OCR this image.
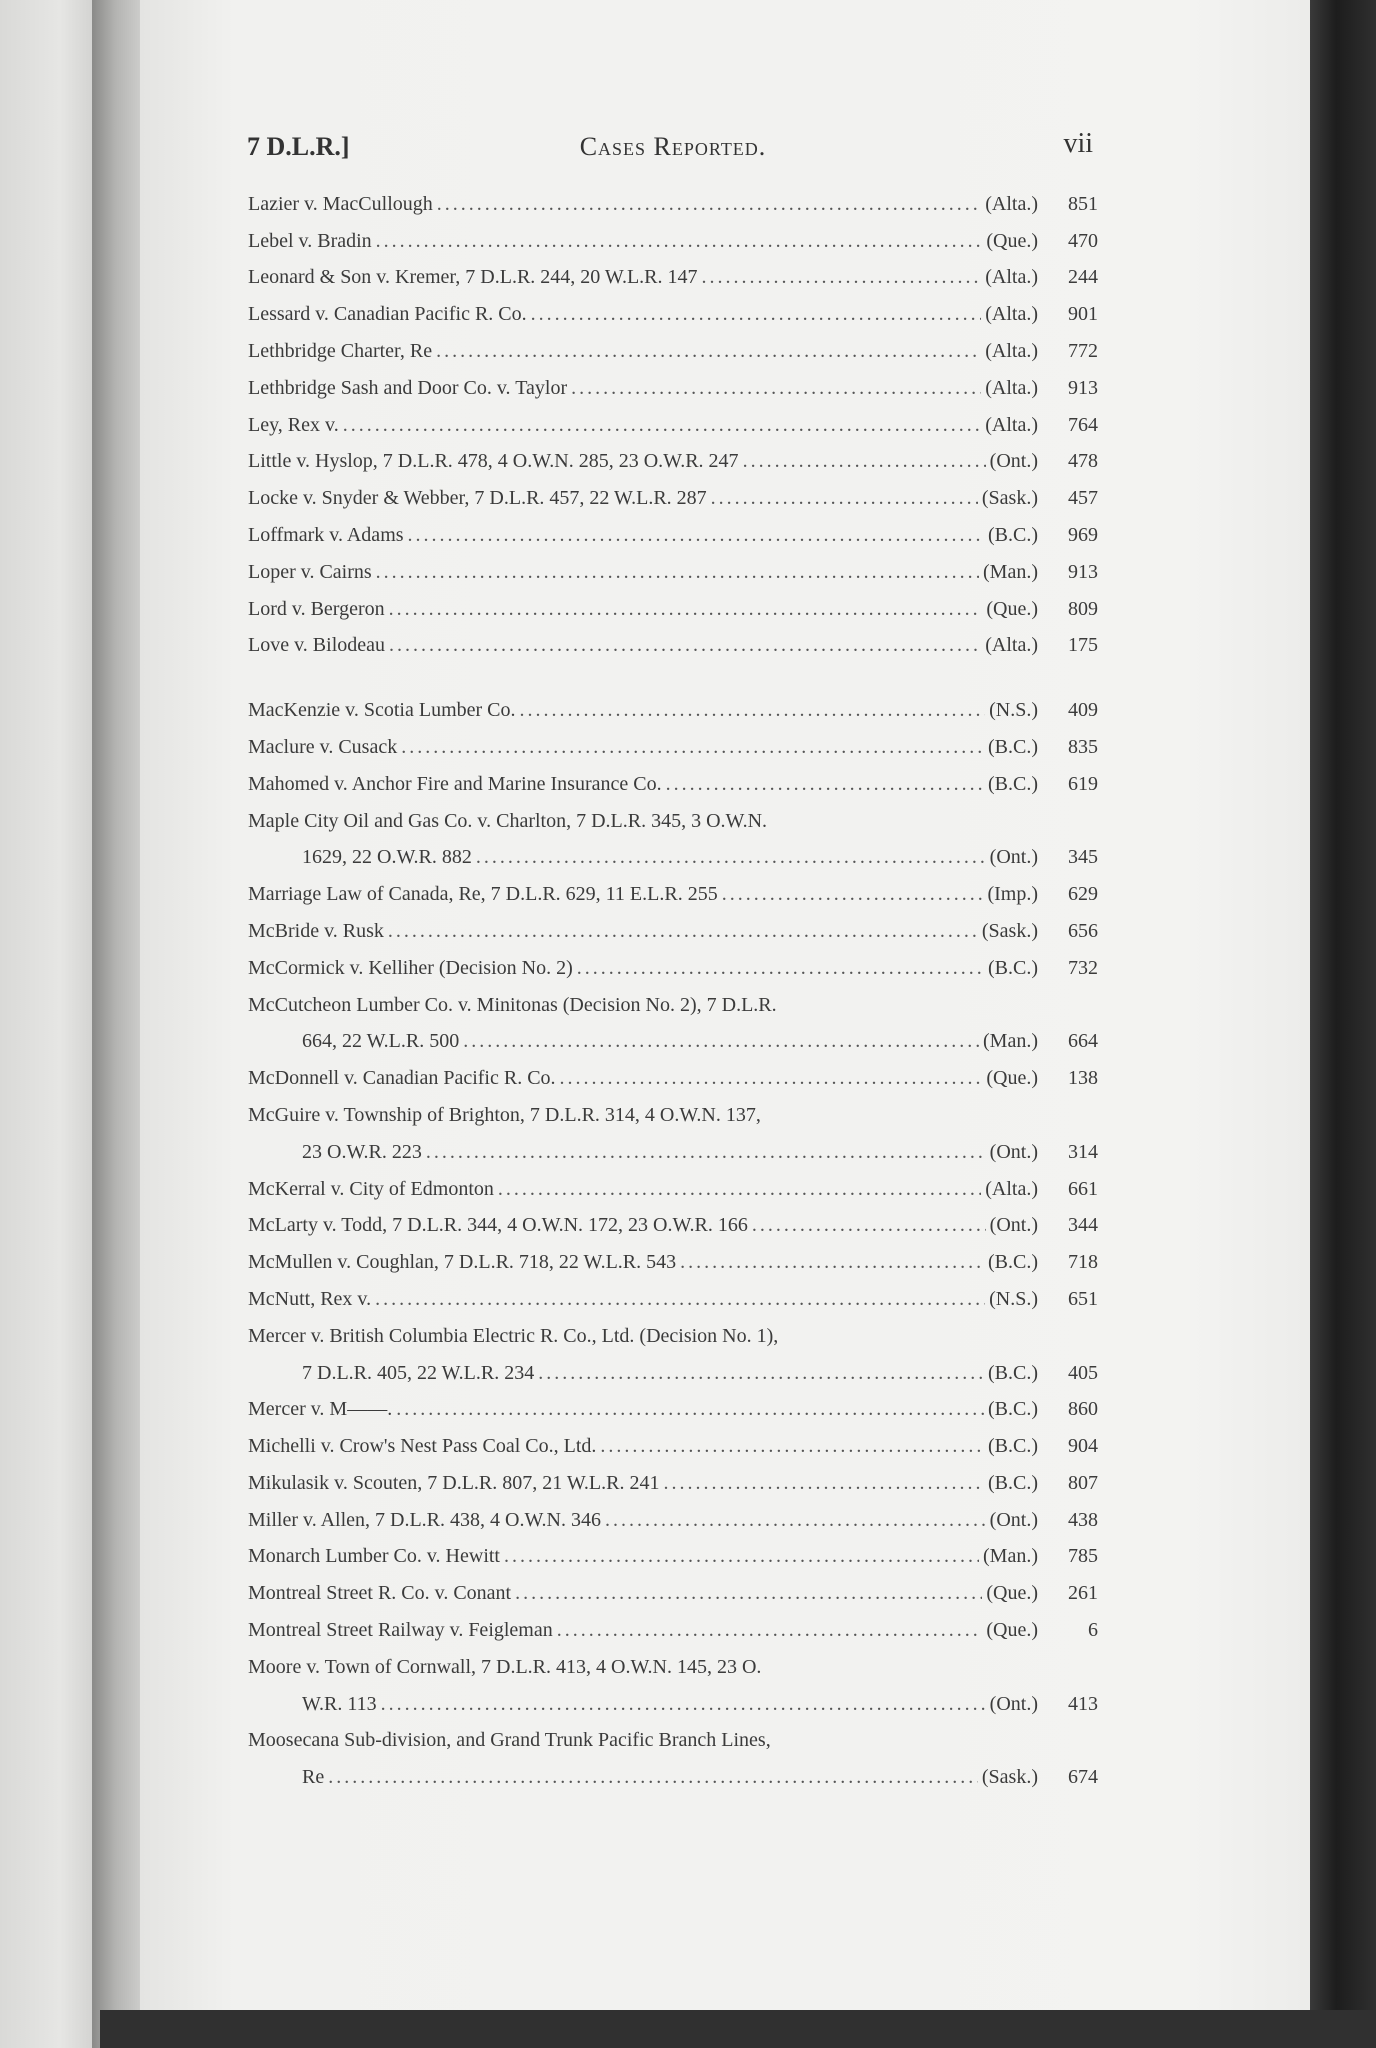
7 D.L.R.]	Cases Reported.	vii
Lazier v. MacCullough . . .	(Alta.)	851
Lebel v. Bradin . . .	(Que.)	470
Leonard & Son v. Kremer, 7 D.L.R. 244, 20 W.L.R. 147 . . .	(Alta.)	244
Lessard v. Canadian Pacific R. Co. . . .	(Alta.)	901
Lethbridge Charter, Re . . .	(Alta.)	772
Lethbridge Sash and Door Co. v. Taylor . . .	(Alta.)	913
Ley, Rex v. . . .	(Alta.)	764
Little v. Hyslop, 7 D.L.R. 478, 4 O.W.N. 285, 23 O.W.R. 247 . . .	(Ont.)	478
Locke v. Snyder & Webber, 7 D.L.R. 457, 22 W.L.R. 287 . . .	(Sask.)	457
Loffmark v. Adams . . .	(B.C.)	969
Loper v. Cairns . . .	(Man.)	913
Lord v. Bergeron . . .	(Que.)	809
Love v. Bilodeau . . .	(Alta.)	175
MacKenzie v. Scotia Lumber Co. . . .	(N.S.)	409
Maclure v. Cusack . . .	(B.C.)	835
Mahomed v. Anchor Fire and Marine Insurance Co. . . .	(B.C.)	619
Maple City Oil and Gas Co. v. Charlton, 7 D.L.R. 345, 3 O.W.N.
1629, 22 O.W.R. 882 . . .	(Ont.)	345
Marriage Law of Canada, Re, 7 D.L.R. 629, 11 E.L.R. 255 . . .	(Imp.)	629
McBride v. Rusk . . .	(Sask.)	656
McCormick v. Kelliher (Decision No. 2) . . .	(B.C.)	732
McCutcheon Lumber Co. v. Minitonas (Decision No. 2), 7 D.L.R.
664, 22 W.L.R. 500 . . .	(Man.)	664
McDonnell v. Canadian Pacific R. Co. . . .	(Que.)	138
McGuire v. Township of Brighton, 7 D.L.R. 314, 4 O.W.N. 137,
23 O.W.R. 223 . . .	(Ont.)	314
McKerral v. City of Edmonton . . .	(Alta.)	661
McLarty v. Todd, 7 D.L.R. 344, 4 O.W.N. 172, 23 O.W.R. 166 . . .	(Ont.)	344
McMullen v. Coughlan, 7 D.L.R. 718, 22 W.L.R. 543 . . .	(B.C.)	718
McNutt, Rex v. . . .	(N.S.)	651
Mercer v. British Columbia Electric R. Co., Ltd. (Decision No. 1),
7 D.L.R. 405, 22 W.L.R. 234 . . .	(B.C.)	405
Mercer v. M——. . . .	(B.C.)	860
Michelli v. Crow's Nest Pass Coal Co., Ltd. . . .	(B.C.)	904
Mikulasik v. Scouten, 7 D.L.R. 807, 21 W.L.R. 241 . . .	(B.C.)	807
Miller v. Allen, 7 D.L.R. 438, 4 O.W.N. 346 . . .	(Ont.)	438
Monarch Lumber Co. v. Hewitt . . .	(Man.)	785
Montreal Street R. Co. v. Conant . . .	(Que.)	261
Montreal Street Railway v. Feigleman . . .	(Que.)	6
Moore v. Town of Cornwall, 7 D.L.R. 413, 4 O.W.N. 145, 23 O.
W.R. 113 . . .	(Ont.)	413
Moosecana Sub-division, and Grand Trunk Pacific Branch Lines,
Re . . .	(Sask.)	674
